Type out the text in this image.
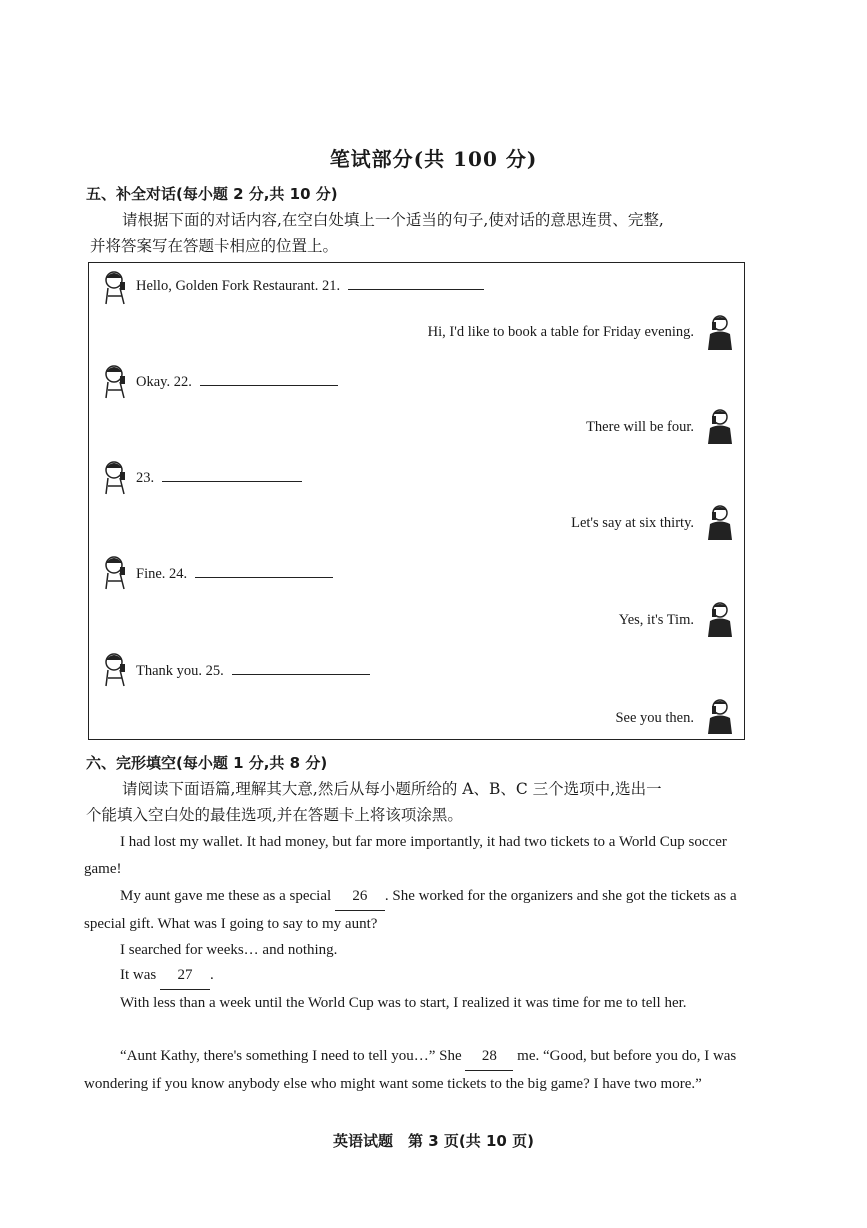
笔试部分(共 100 分)
五、补全对话(每小题 2 分,共 10 分)
请根据下面的对话内容,在空白处填上一个适当的句子,使对话的意思连贯、完整,
并将答案写在答题卡相应的位置上。
Hello, Golden Fork Restaurant. 21.
Hi, I'd like to book a table for Friday evening.
Okay. 22.
There will be four.
23.
Let's say at six thirty.
Fine. 24.
Yes, it's Tim.
Thank you. 25.
See you then.
六、完形填空(每小题 1 分,共 8 分)
请阅读下面语篇,理解其大意,然后从每小题所给的 A、B、C 三个选项中,选出一
个能填入空白处的最佳选项,并在答题卡上将该项涂黑。
I had lost my wallet. It had money, but far more importantly, it had two tickets to a World Cup soccer game!
My aunt gave me these as a special 26 . She worked for the organizers and she got the tickets as a special gift. What was I going to say to my aunt?
I searched for weeks… and nothing.
It was 27 .
With less than a week until the World Cup was to start, I realized it was time for me to tell her.
“Aunt Kathy, there's something I need to tell you…” She 28 me. “Good, but before you do, I was wondering if you know anybody else who might want some tickets to the big game? I have two more.”
英语试题　第 3 页(共 10 页)
